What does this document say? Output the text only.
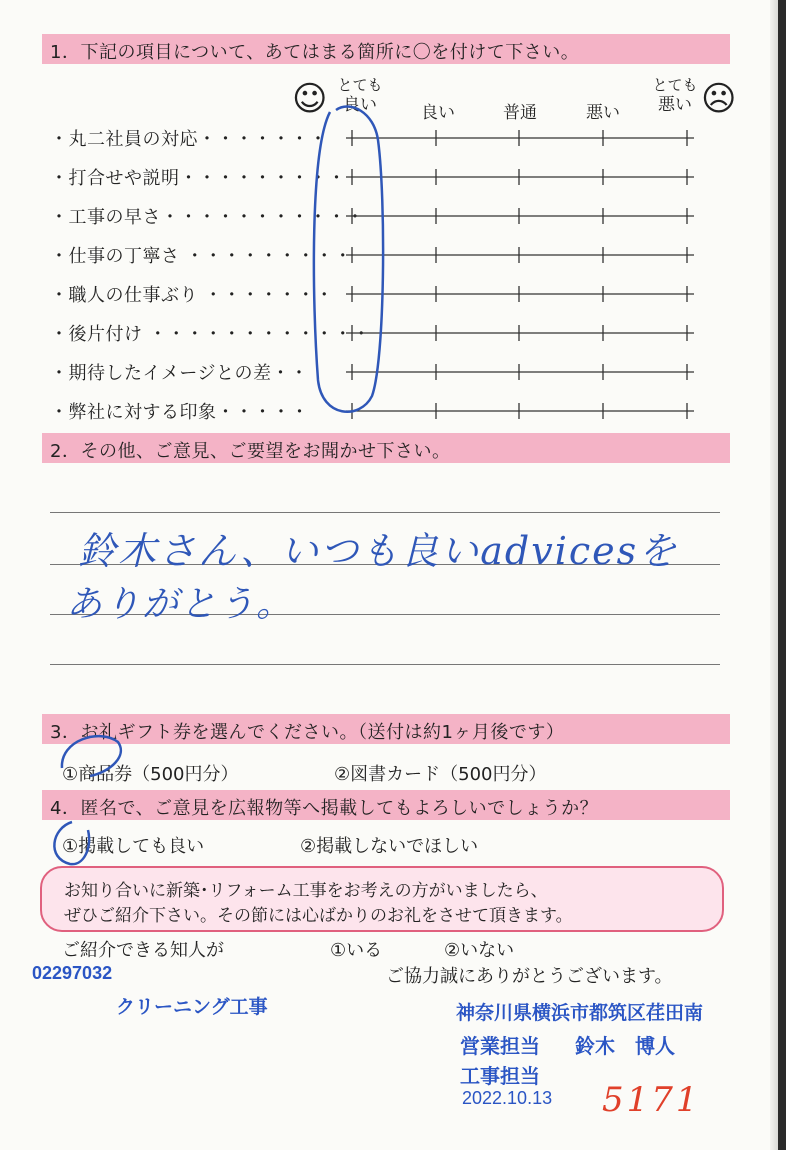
1．下記の項目について、あてはまる箇所に〇を付けて下さい。
☺ とても
良い	良い	普通	悪い
とても
悪い ☹
・丸二社員の対応・・・・・・・
・打合せや説明・・・・・・・・・
・工事の早さ・・・・・・・・・・・
・仕事の丁寧さ ・・・・・・・・・
・職人の仕事ぶり ・・・・・・・
・後片付け ・・・・・・・・・・・・
・期待したイメージとの差・・
・弊社に対する印象・・・・・
2．その他、ご意見、ご要望をお聞かせ下さい。
鈴木さん、いつも良いadvicesを
ありがとう。
3．お礼ギフト券を選んでください。（送付は約1ヶ月後です）
①商品券（500円分）	②図書カード（500円分）
4．匿名で、ご意見を広報物等へ掲載してもよろしいでしょうか？
①掲載しても良い	②掲載しないでほしい
お知り合いに新築･リフォーム工事をお考えの方がいましたら、
ぜひご紹介下さい。その節には心ばかりのお礼をさせて頂きます。
ご紹介できる知人が	①いる	②いない
ご協力誠にありがとうございます。
02297032
クリーニング工事	神奈川県横浜市都筑区荏田南
営業担当 鈴木　博人
工事担当
2022.10.13 5171
